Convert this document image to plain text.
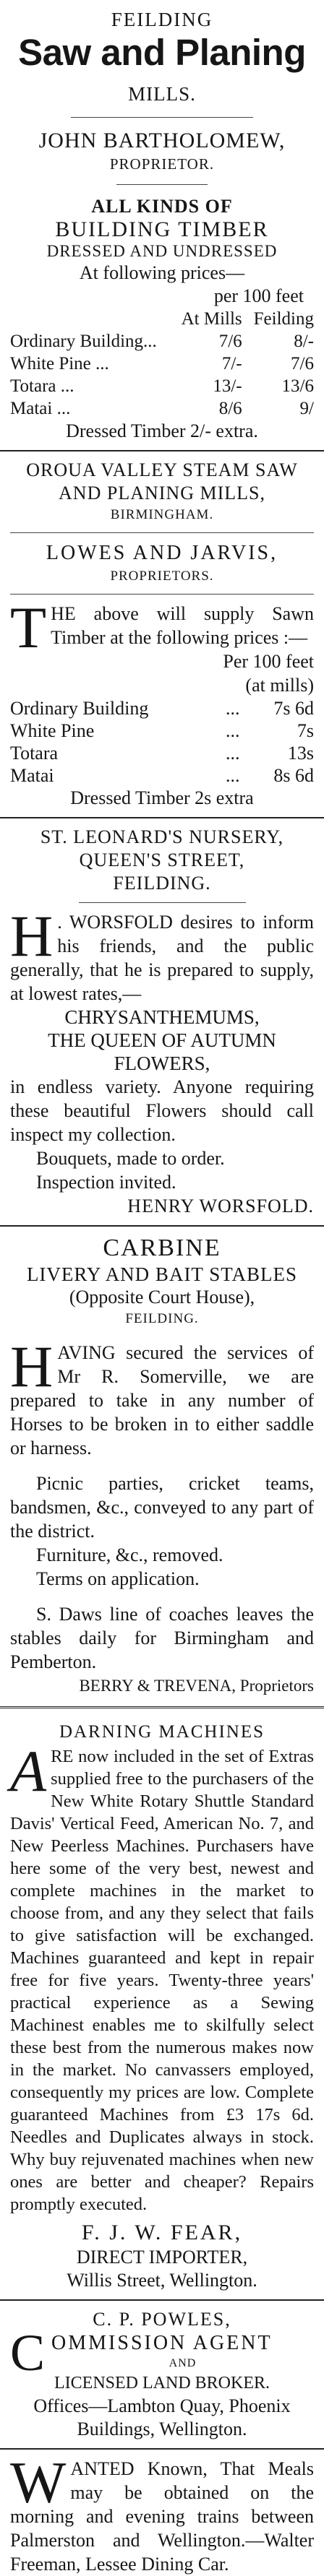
FEILDING
Saw and Planing
MILLS.
JOHN BARTHOLOMEW,
PROPRIETOR.
ALL KINDS OF
BUILDING TIMBER
DRESSED AND UNDRESSED
At following prices—
per 100 feet
	At Mills	Feilding
Ordinary Building...	7/6	8/-
White Pine ...	7/-	7/6
Totara ...	13/-	13/6
Matai ...	8/6	9/
Dressed Timber 2/- extra.
OROUA VALLEY STEAM SAW
AND PLANING MILLS,
BIRMINGHAM.
LOWES AND JARVIS,
PROPRIETORS.
THE above will supply Sawn Timber at the following prices :—
Per 100 feet
(at mills)
Ordinary Building	...	7s 6d
White Pine	...	7s
Totara	...	13s
Matai	...	8s 6d
Dressed Timber 2s extra
ST. LEONARD'S NURSERY,
QUEEN'S STREET,
FEILDING.
H . WORSFOLD desires to inform his friends, and the public generally, that he is prepared to supply, at lowest rates,—
CHRYSANTHEMUMS,
THE QUEEN OF AUTUMN
FLOWERS,
in endless variety. Anyone requiring these beautiful Flowers should call inspect my collection.
Bouquets, made to order.
Inspection invited.
HENRY WORSFOLD.
CARBINE
LIVERY AND BAIT STABLES
(Opposite Court House),
FEILDING.
HAVING secured the services of Mr R. Somerville, we are prepared to take in any number of Horses to be broken in to either saddle or harness.
Picnic parties, cricket teams, bandsmen, &c., conveyed to any part of the district.
Furniture, &c., removed.
Terms on application.
S. Daws line of coaches leaves the stables daily for Birmingham and Pemberton.
BERRY & TREVENA, Proprietors
DARNING MACHINES
ARE now included in the set of Extras supplied free to the purchasers of the New White Rotary Shuttle Standard Davis' Vertical Feed, American No. 7, and New Peerless Machines. Purchasers have here some of the very best, newest and complete machines in the market to choose from, and any they select that fails to give satisfaction will be exchanged. Machines guaranteed and kept in repair free for five years. Twenty-three years' practical experience as a Sewing Machinest enables me to skilfully select these best from the numerous makes now in the market. No canvassers employed, consequently my prices are low. Complete guaranteed Machines from £3 17s 6d. Needles and Duplicates always in stock. Why buy rejuvenated machines when new ones are better and cheaper? Repairs promptly executed.
F. J. W. FEAR,
DIRECT IMPORTER,
Willis Street, Wellington.
C. P. POWLES,
COMMISSION AGENT
AND
LICENSED LAND BROKER.
Offices—Lambton Quay, Phoenix Buildings, Wellington.
WANTED Known, That Meals may be obtained on the morning and evening trains between Palmerston and Wellington.—Walter Freeman, Lessee Dining Car.
